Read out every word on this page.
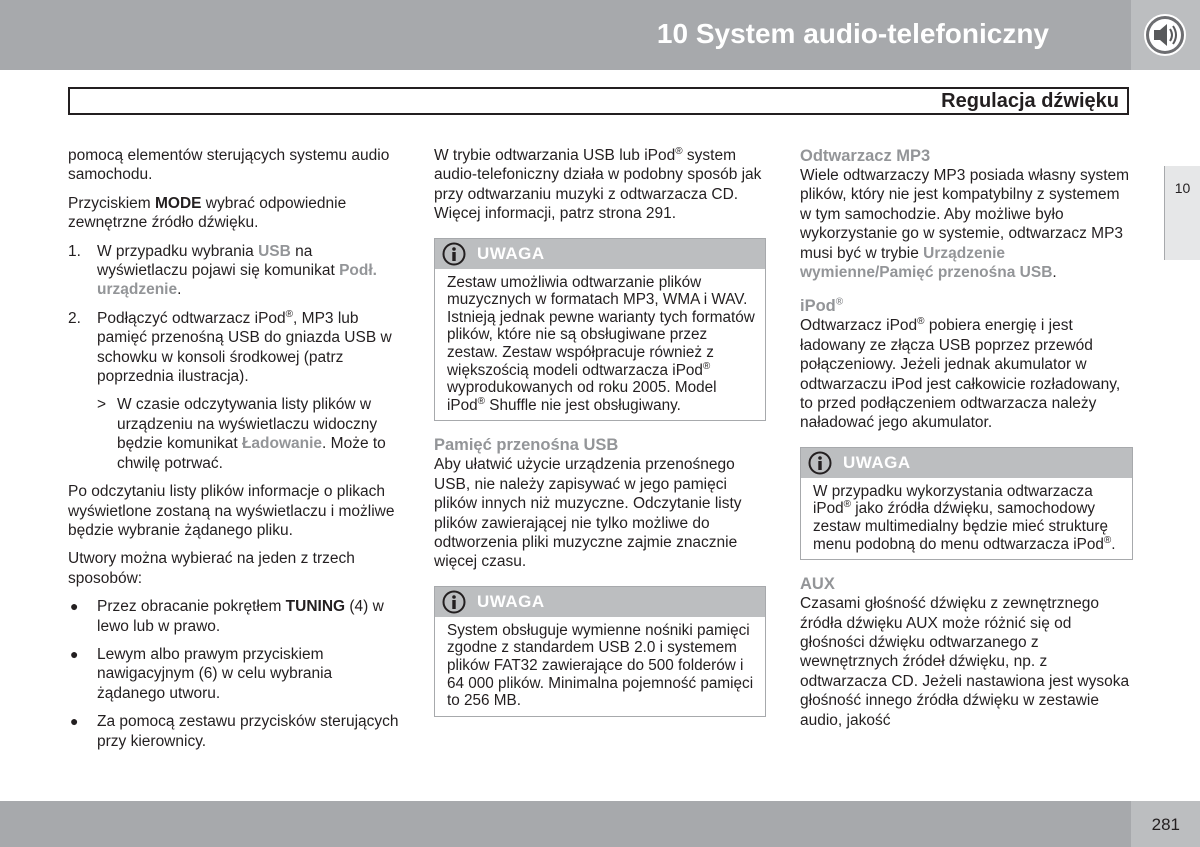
10 System audio-telefoniczny
Regulacja dźwięku
10

pomocą elementów sterujących systemu audio samochodu.

Przyciskiem MODE wybrać odpowiednie zewnętrzne źródło dźwięku.

1. W przypadku wybrania USB na wyświetlaczu pojawi się komunikat Podł. urządzenie.
2. Podłączyć odtwarzacz iPod®, MP3 lub pamięć przenośną USB do gniazda USB w schowku w konsoli środkowej (patrz poprzednia ilustracja).
> W czasie odczytywania listy plików w urządzeniu na wyświetlaczu widoczny będzie komunikat Ładowanie. Może to chwilę potrwać.

Po odczytaniu listy plików informacje o plikach wyświetlone zostaną na wyświetlaczu i możliwe będzie wybranie żądanego pliku.

Utwory można wybierać na jeden z trzech sposobów:

● Przez obracanie pokrętłem TUNING (4) w lewo lub w prawo.
● Lewym albo prawym przyciskiem nawigacyjnym (6) w celu wybrania żądanego utworu.
● Za pomocą zestawu przycisków sterujących przy kierownicy.

W trybie odtwarzania USB lub iPod® system audio-telefoniczny działa w podobny sposób jak przy odtwarzaniu muzyki z odtwarzacza CD. Więcej informacji, patrz strona 291.

UWAGA
Zestaw umożliwia odtwarzanie plików muzycznych w formatach MP3, WMA i WAV. Istnieją jednak pewne warianty tych formatów plików, które nie są obsługiwane przez zestaw. Zestaw współpracuje również z większością modeli odtwarzacza iPod® wyprodukowanych od roku 2005. Model iPod® Shuffle nie jest obsługiwany.
Pamięć przenośna USB

Aby ułatwić użycie urządzenia przenośnego USB, nie należy zapisywać w jego pamięci plików innych niż muzyczne. Odczytanie listy plików zawierającej nie tylko możliwe do odtworzenia pliki muzyczne zajmie znacznie więcej czasu.

UWAGA
System obsługuje wymienne nośniki pamięci zgodne z standardem USB 2.0 i systemem plików FAT32 zawierające do 500 folderów i 64 000 plików. Minimalna pojemność pamięci to 256 MB.
Odtwarzacz MP3

Wiele odtwarzaczy MP3 posiada własny system plików, który nie jest kompatybilny z systemem w tym samochodzie. Aby możliwe było wykorzystanie go w systemie, odtwarzacz MP3 musi być w trybie Urządzenie wymienne/Pamięć przenośna USB.

iPod®

Odtwarzacz iPod® pobiera energię i jest ładowany ze złącza USB poprzez przewód połączeniowy. Jeżeli jednak akumulator w odtwarzaczu iPod jest całkowicie rozładowany, to przed podłączeniem odtwarzacza należy naładować jego akumulator.

UWAGA
W przypadku wykorzystania odtwarzacza iPod® jako źródła dźwięku, samochodowy zestaw multimedialny będzie mieć strukturę menu podobną do menu odtwarzacza iPod®.
AUX

Czasami głośność dźwięku z zewnętrznego źródła dźwięku AUX może różnić się od głośności dźwięku odtwarzanego z wewnętrznych źródeł dźwięku, np. z odtwarzacza CD. Jeżeli nastawiona jest wysoka głośność innego źródła dźwięku w zestawie audio, jakość

281
